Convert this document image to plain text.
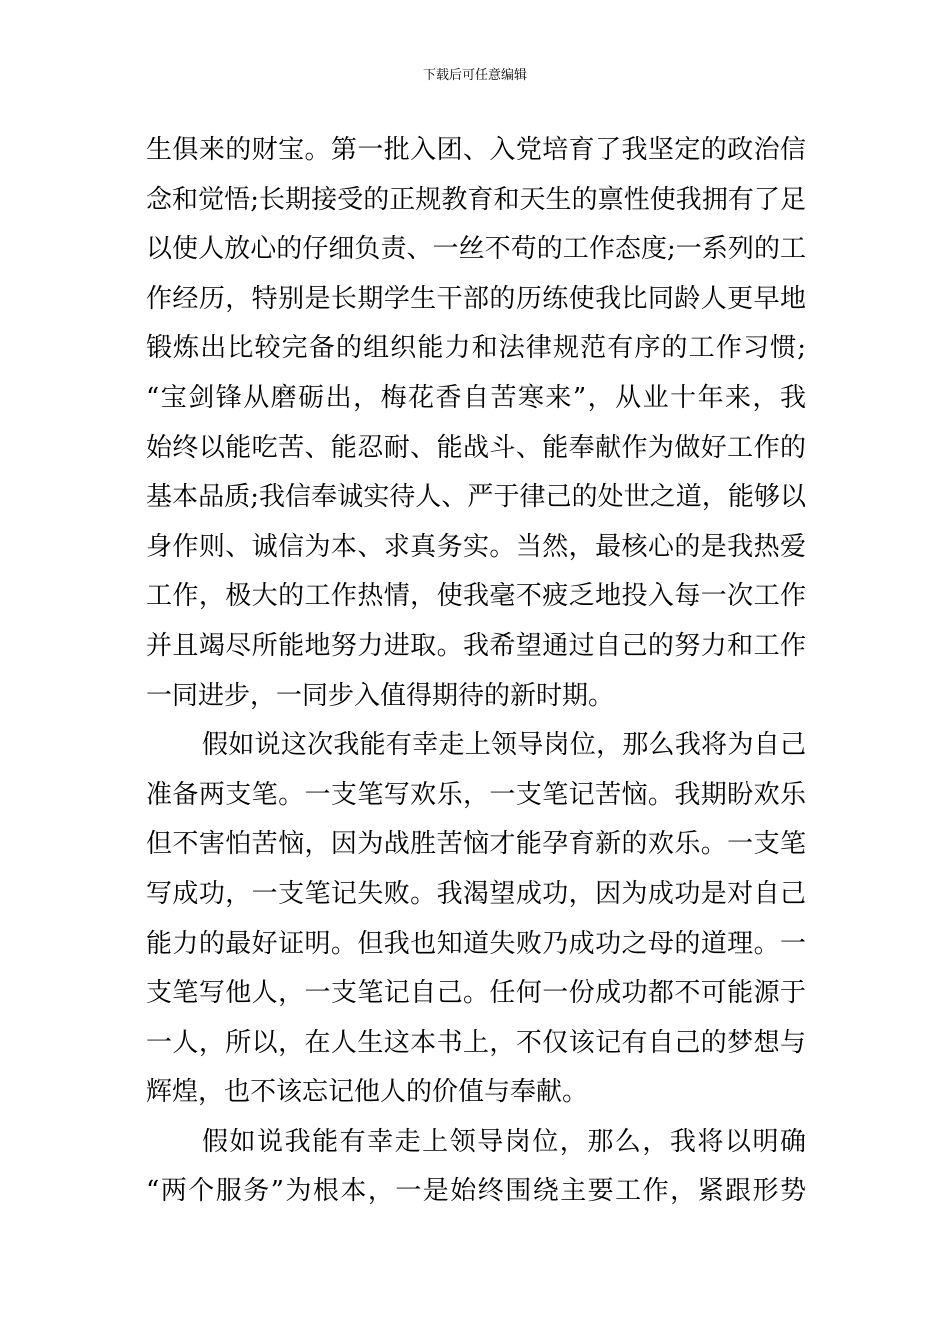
下载后可任意编辑
生俱来的财宝。第一批入团、入党培育了我坚定的政治信
念和觉悟;长期接受的正规教育和天生的禀性使我拥有了足
以使人放心的仔细负责、一丝不苟的工作态度;一系列的工
作经历，特别是长期学生干部的历练使我比同龄人更早地
锻炼出比较完备的组织能力和法律规范有序的工作习惯;
“宝剑锋从磨砺出，梅花香自苦寒来”，从业十年来，我
始终以能吃苦、能忍耐、能战斗、能奉献作为做好工作的
基本品质;我信奉诚实待人、严于律己的处世之道，能够以
身作则、诚信为本、求真务实。当然，最核心的是我热爱
工作，极大的工作热情，使我毫不疲乏地投入每一次工作
并且竭尽所能地努力进取。我希望通过自己的努力和工作
一同进步，一同步入值得期待的新时期。
假如说这次我能有幸走上领导岗位，那么我将为自己
准备两支笔。一支笔写欢乐，一支笔记苦恼。我期盼欢乐
但不害怕苦恼，因为战胜苦恼才能孕育新的欢乐。一支笔
写成功，一支笔记失败。我渴望成功，因为成功是对自己
能力的最好证明。但我也知道失败乃成功之母的道理。一
支笔写他人，一支笔记自己。任何一份成功都不可能源于
一人，所以，在人生这本书上，不仅该记有自己的梦想与
辉煌，也不该忘记他人的价值与奉献。
假如说我能有幸走上领导岗位，那么，我将以明确
“两个服务”为根本，一是始终围绕主要工作，紧跟形势
